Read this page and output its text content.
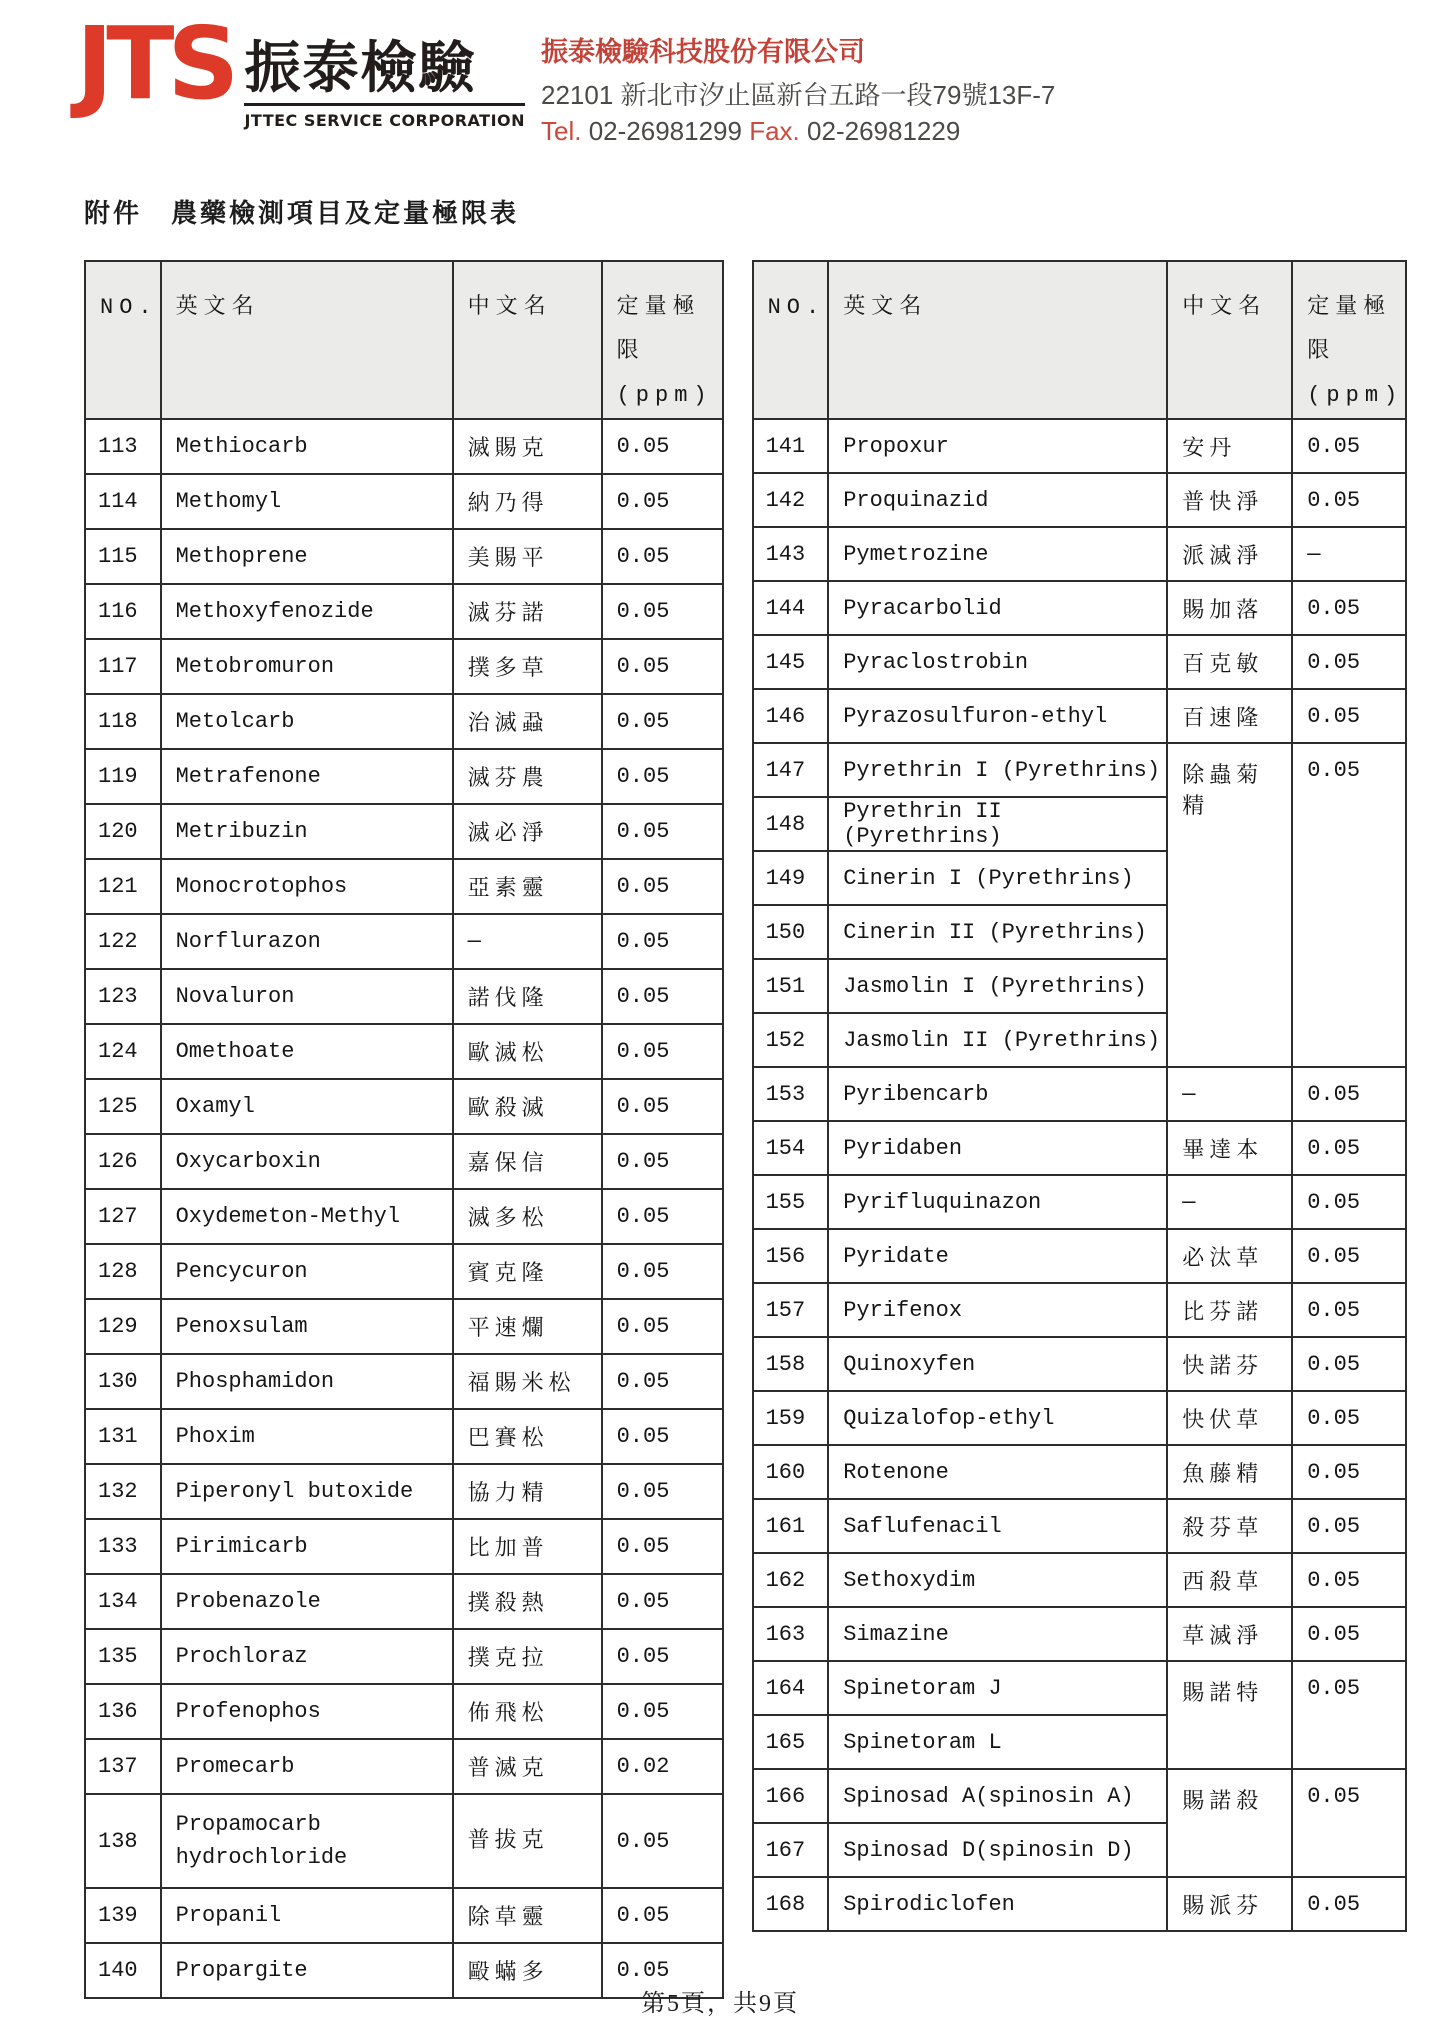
JTS 振泰檢驗
JTTEC SERVICE CORPORATION
振泰檢驗科技股份有限公司
22101 新北市汐止區新台五路一段79號13F-7
Tel. 02-26981299 Fax. 02-26981229
附件　農藥檢測項目及定量極限表
NO.	英文名	中文名	定量極限
(ppm)
113	Methiocarb	滅賜克	0.05
114	Methomyl	納乃得	0.05
115	Methoprene	美賜平	0.05
116	Methoxyfenozide	滅芬諾	0.05
117	Metobromuron	撲多草	0.05
118	Metolcarb	治滅蝨	0.05
119	Metrafenone	滅芬農	0.05
120	Metribuzin	滅必淨	0.05
121	Monocrotophos	亞素靈	0.05
122	Norflurazon	—	0.05
123	Novaluron	諾伐隆	0.05
124	Omethoate	歐滅松	0.05
125	Oxamyl	歐殺滅	0.05
126	Oxycarboxin	嘉保信	0.05
127	Oxydemeton-Methyl	滅多松	0.05
128	Pencycuron	賓克隆	0.05
129	Penoxsulam	平速爛	0.05
130	Phosphamidon	福賜米松	0.05
131	Phoxim	巴賽松	0.05
132	Piperonyl butoxide	協力精	0.05
133	Pirimicarb	比加普	0.05
134	Probenazole	撲殺熱	0.05
135	Prochloraz	撲克拉	0.05
136	Profenophos	佈飛松	0.05
137	Promecarb	普滅克	0.02
138	Propamocarb hydrochloride	普拔克	0.05
139	Propanil	除草靈	0.05
140	Propargite	毆蟎多	0.05
NO.	英文名	中文名	定量極
限(ppm)
141	Propoxur	安丹	0.05
142	Proquinazid	普快淨	0.05
143	Pymetrozine	派滅淨	—
144	Pyracarbolid	賜加落	0.05
145	Pyraclostrobin	百克敏	0.05
146	Pyrazosulfuron-ethyl	百速隆	0.05
147	Pyrethrin I (Pyrethrins)	除蟲菊精	0.05
148	Pyrethrin II (Pyrethrins)		
149	Cinerin I (Pyrethrins)		
150	Cinerin II (Pyrethrins)		
151	Jasmolin I (Pyrethrins)		
152	Jasmolin II (Pyrethrins)		
153	Pyribencarb	—	0.05
154	Pyridaben	畢達本	0.05
155	Pyrifluquinazon	—	0.05
156	Pyridate	必汰草	0.05
157	Pyrifenox	比芬諾	0.05
158	Quinoxyfen	快諾芬	0.05
159	Quizalofop-ethyl	快伏草	0.05
160	Rotenone	魚藤精	0.05
161	Saflufenacil	殺芬草	0.05
162	Sethoxydim	西殺草	0.05
163	Simazine	草滅淨	0.05
164	Spinetoram J	賜諾特	0.05
165	Spinetoram L		
166	Spinosad A(spinosin A)	賜諾殺	0.05
167	Spinosad D(spinosin D)		
168	Spirodiclofen	賜派芬	0.05
第5頁，共9頁
